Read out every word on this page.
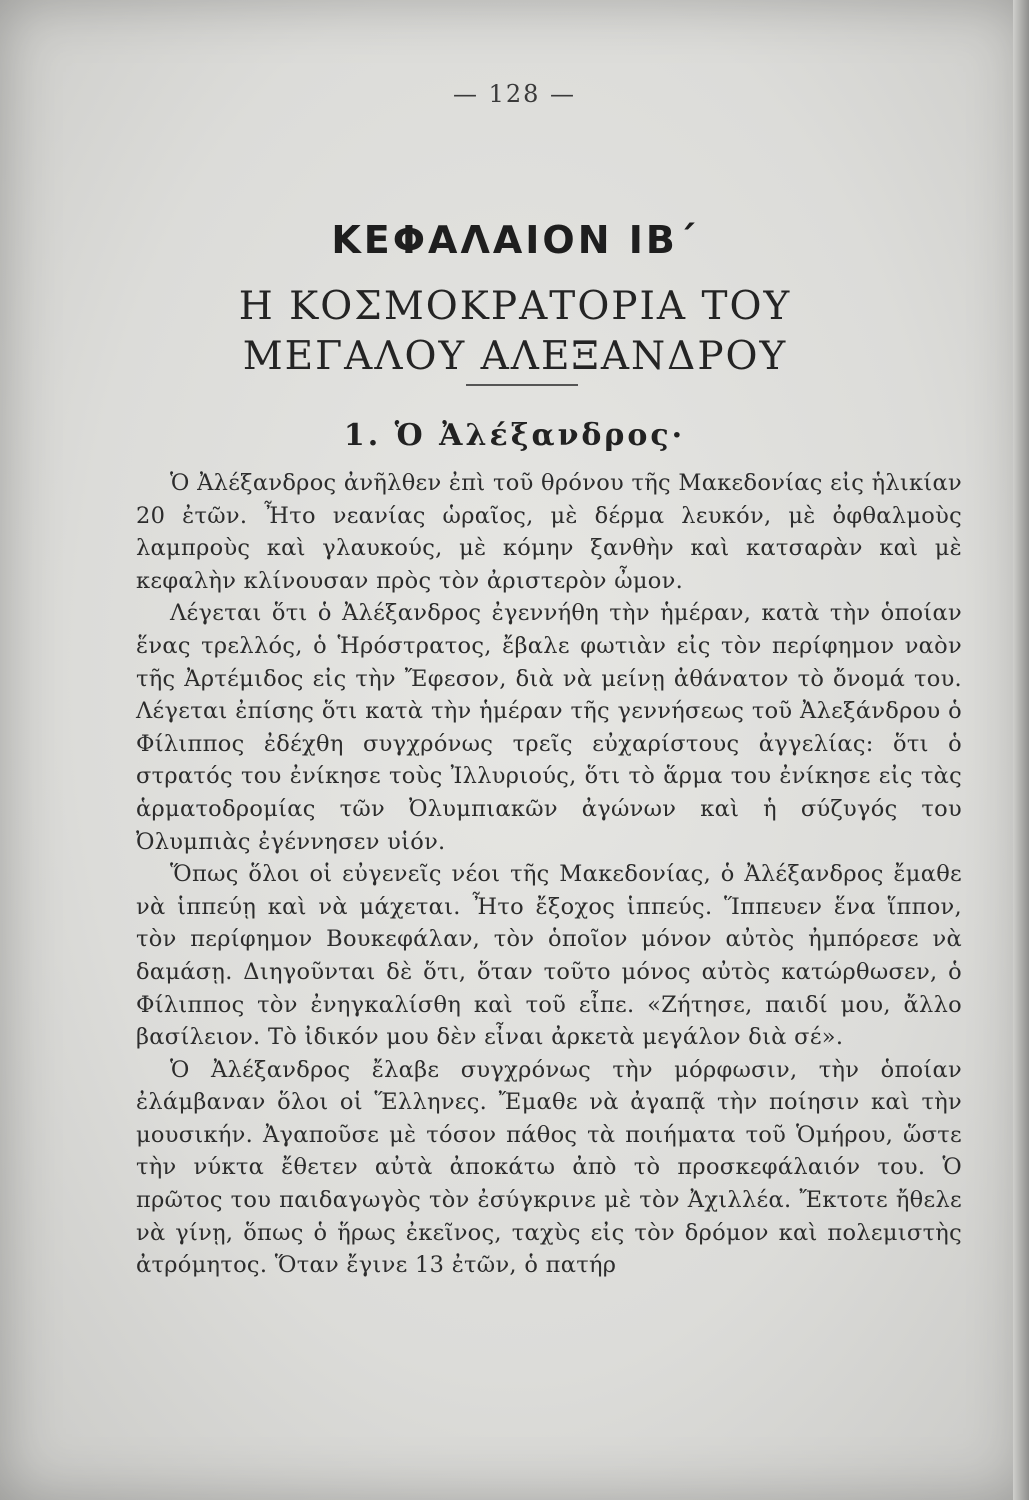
— 128 —
ΚΕΦΑΛΑΙΟΝ ΙΒ΄
Η ΚΟΣΜΟΚΡΑΤΟΡΙΑ ΤΟΥ ΜΕΓΑΛΟΥ ΑΛΕΞΑΝΔΡΟΥ
1. Ὁ Ἀλέξανδρος·

Ὁ Ἀλέξανδρος ἀνῆλθεν ἐπὶ τοῦ θρόνου τῆς Μακεδονίας εἰς ἡλικίαν 20 ἐτῶν. Ἦτο νεανίας ὡραῖος, μὲ δέρμα λευκόν, μὲ ὀφθαλμοὺς λαμπροὺς καὶ γλαυκούς, μὲ κόμην ξανθὴν καὶ κατσαρὰν καὶ μὲ κεφαλὴν κλίνουσαν πρὸς τὸν ἀριστερὸν ὦμον.

Λέγεται ὅτι ὁ Ἀλέξανδρος ἐγεννήθη τὴν ἡμέραν, κατὰ τὴν ὁποίαν ἕνας τρελλός, ὁ Ἡρόστρατος, ἔβαλε φωτιὰν εἰς τὸν περίφημον ναὸν τῆς Ἀρτέμιδος εἰς τὴν Ἔφεσον, διὰ νὰ μείνῃ ἀθάνατον τὸ ὄνομά του. Λέγεται ἐπίσης ὅτι κατὰ τὴν ἡμέραν τῆς γεννήσεως τοῦ Ἀλεξάνδρου ὁ Φίλιππος ἐδέχθη συγχρόνως τρεῖς εὐχαρίστους ἀγγελίας: ὅτι ὁ στρατός του ἐνίκησε τοὺς Ἰλλυριούς, ὅτι τὸ ἅρμα του ἐνίκησε εἰς τὰς ἁρματοδρομίας τῶν Ὀλυμπιακῶν ἀγώνων καὶ ἡ σύζυγός του Ὀλυμπιὰς ἐγέννησεν υἱόν.

Ὅπως ὅλοι οἱ εὐγενεῖς νέοι τῆς Μακεδονίας, ὁ Ἀλέξανδρος ἔμαθε νὰ ἱππεύῃ καὶ νὰ μάχεται. Ἦτο ἔξοχος ἱππεύς. Ἵππευεν ἕνα ἵππον, τὸν περίφημον Βουκεφάλαν, τὸν ὁποῖον μόνον αὐτὸς ἠμπόρεσε νὰ δαμάσῃ. Διηγοῦνται δὲ ὅτι, ὅταν τοῦτο μόνος αὐτὸς κατώρθωσεν, ὁ Φίλιππος τὸν ἐνηγκαλίσθη καὶ τοῦ εἶπε. «Ζήτησε, παιδί μου, ἄλλο βασίλειον. Τὸ ἰδικόν μου δὲν εἶναι ἀρκετὰ μεγάλον διὰ σέ».

Ὁ Ἀλέξανδρος ἔλαβε συγχρόνως τὴν μόρφωσιν, τὴν ὁποίαν ἐλάμβαναν ὅλοι οἱ Ἕλληνες. Ἔμαθε νὰ ἀγαπᾷ τὴν ποίησιν καὶ τὴν μουσικήν. Ἀγαποῦσε μὲ τόσον πάθος τὰ ποιήματα τοῦ Ὁμήρου, ὥστε τὴν νύκτα ἔθετεν αὐτὰ ἀποκάτω ἀπὸ τὸ προσκεφάλαιόν του. Ὁ πρῶτος του παιδαγωγὸς τὸν ἐσύγκρινε μὲ τὸν Ἀχιλλέα. Ἔκτοτε ἤθελε νὰ γίνῃ, ὅπως ὁ ἥρως ἐκεῖνος, ταχὺς εἰς τὸν δρόμον καὶ πολεμιστὴς ἀτρόμητος. Ὅταν ἔγινε 13 ἐτῶν, ὁ πατήρ
